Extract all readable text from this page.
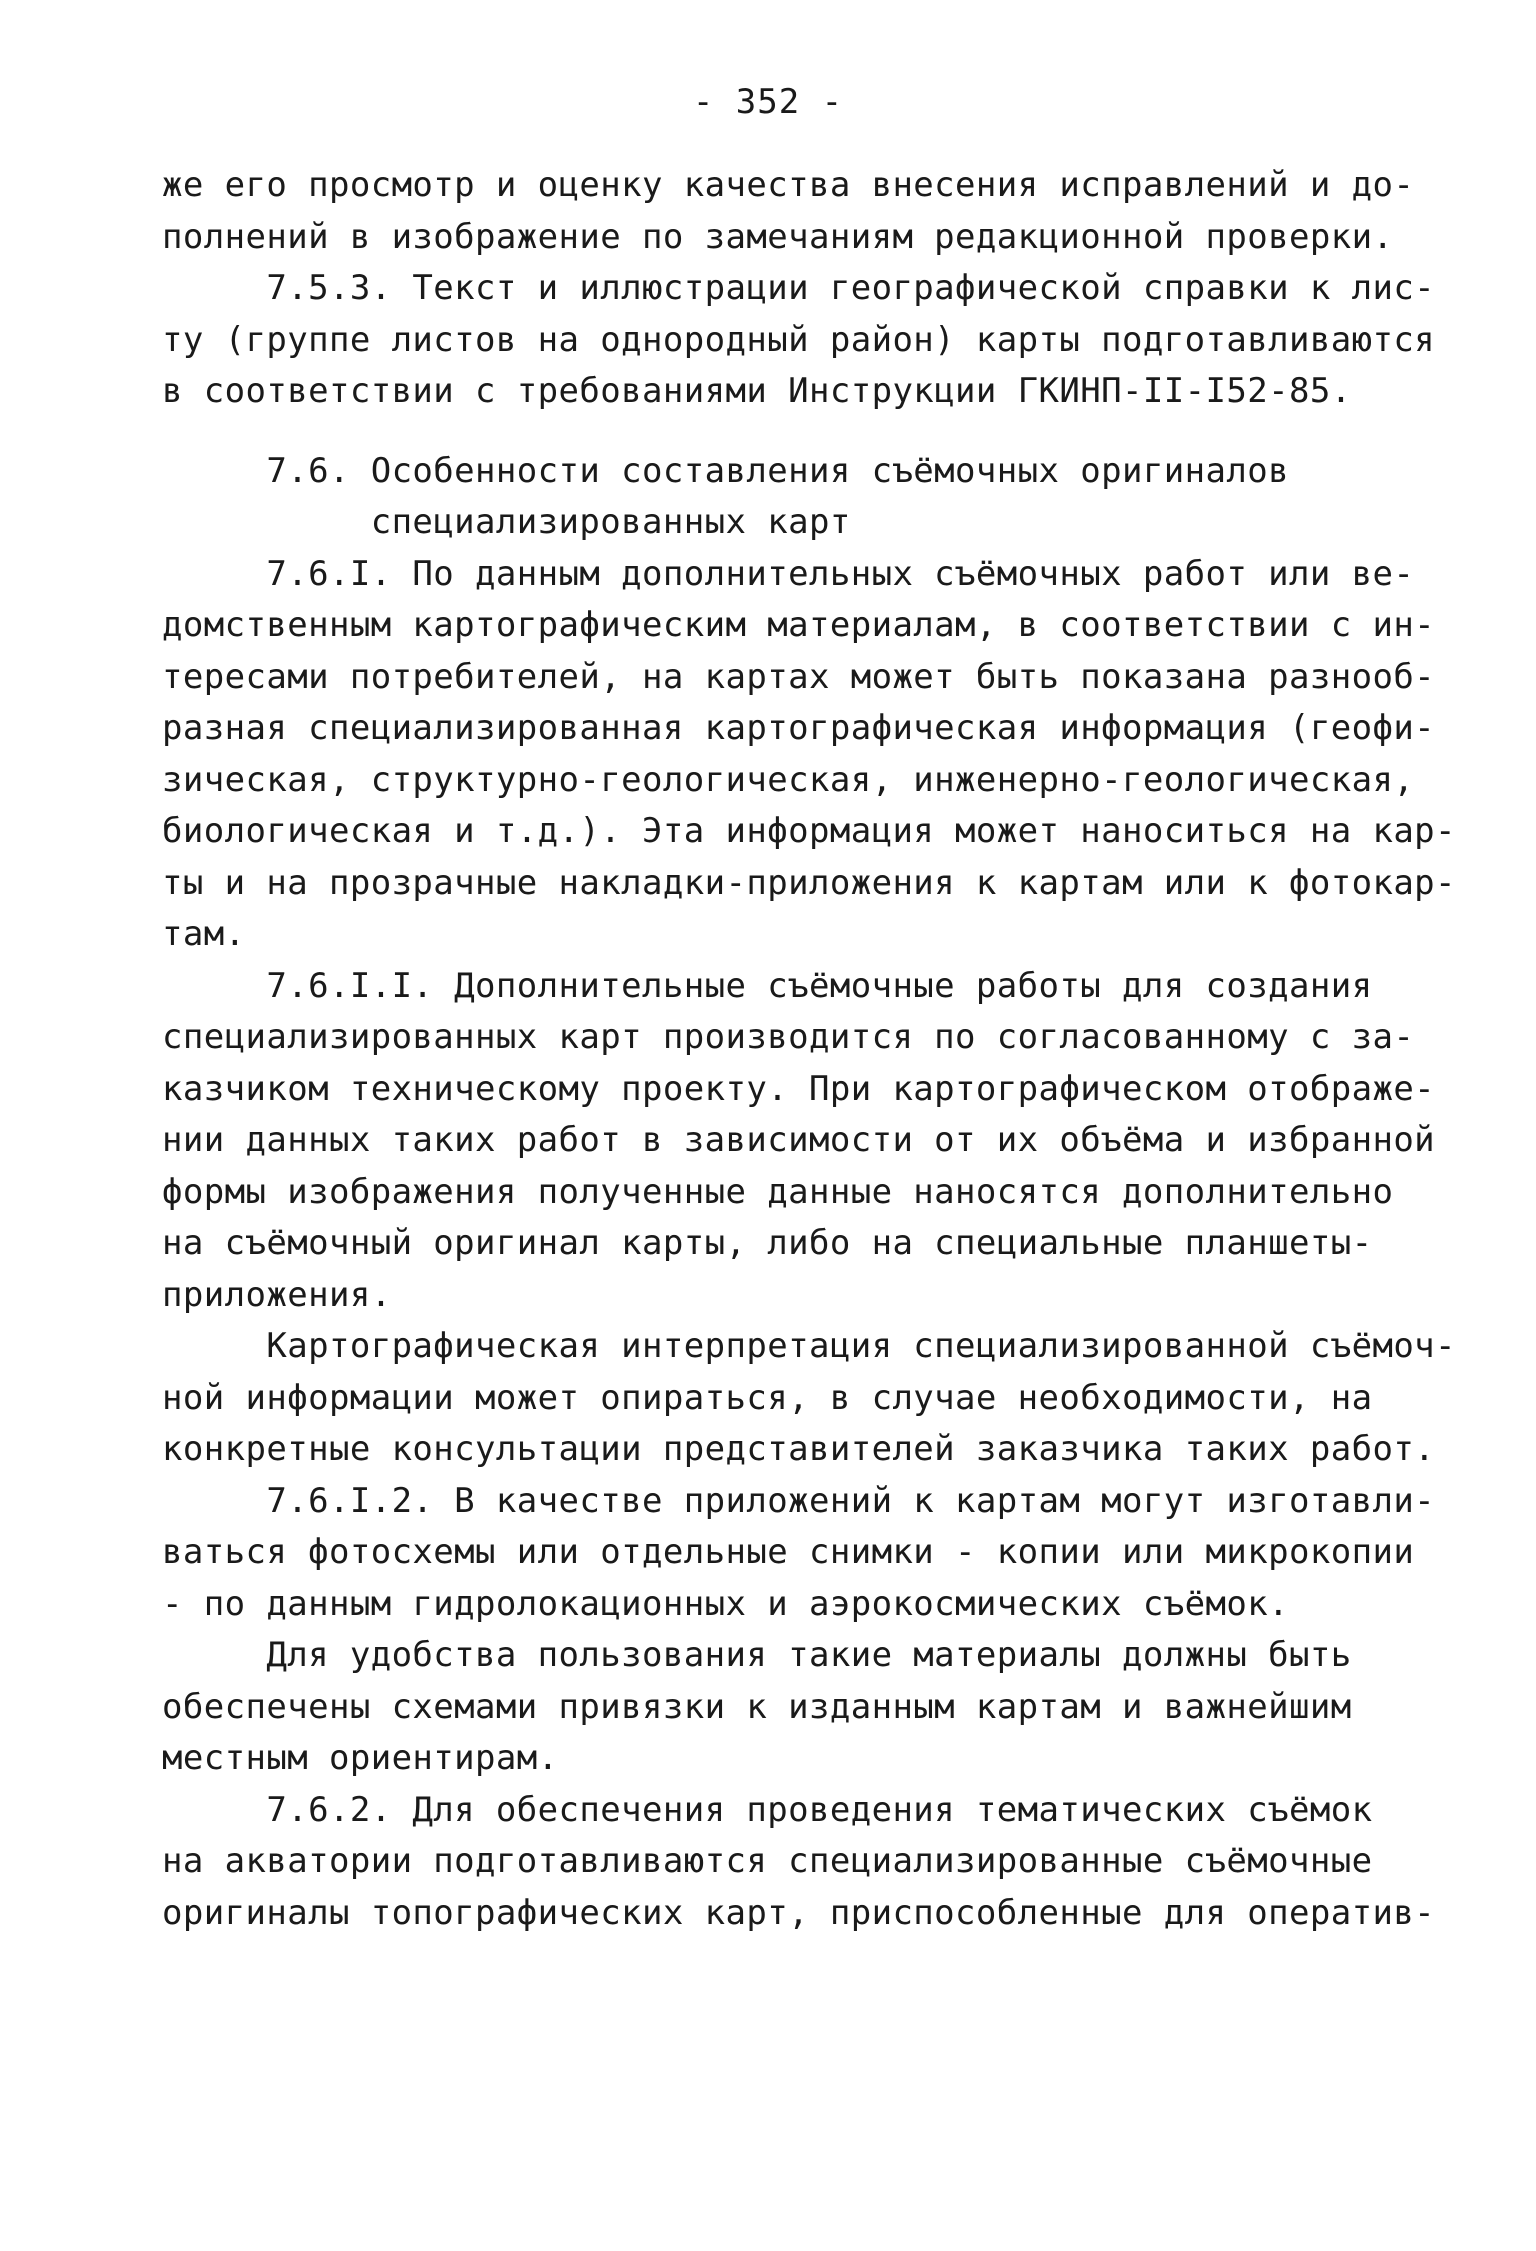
- 352 -
же его просмотр и оценку качества внесения исправлений и до-
полнений в изображение по замечаниям редакционной проверки.
7.5.3. Текст и иллюстрации географической справки к лис-
ту (группе листов на однородный район) карты подготавливаются
в соответствии с требованиями Инструкции ГКИНП-II-I52-85.
7.6. Особенности составления съёмочных оригиналов
специализированных карт
7.6.I. По данным дополнительных съёмочных работ или ве-
домственным картографическим материалам, в соответствии с ин-
тересами потребителей, на картах может быть показана разнооб-
разная специализированная картографическая информация (геофи-
зическая, структурно-геологическая, инженерно-геологическая,
биологическая и т.д.). Эта информация может наноситься на кар-
ты и на прозрачные накладки-приложения к картам или к фотокар-
там.
7.6.I.I. Дополнительные съёмочные работы для создания
специализированных карт производится по согласованному с за-
казчиком техническому проекту. При картографическом отображе-
нии данных таких работ в зависимости от их объёма и избранной
формы изображения полученные данные наносятся дополнительно
на съёмочный оригинал карты, либо на специальные планшеты-
приложения.
Картографическая интерпретация специализированной съёмоч-
ной информации может опираться, в случае необходимости, на
конкретные консультации представителей заказчика таких работ.
7.6.I.2. В качестве приложений к картам могут изготавли-
ваться фотосхемы или отдельные снимки - копии или микрокопии
- по данным гидролокационных и аэрокосмических съёмок.
Для удобства пользования такие материалы должны быть
обеспечены схемами привязки к изданным картам и важнейшим
местным ориентирам.
7.6.2. Для обеспечения проведения тематических съёмок
на акватории подготавливаются специализированные съёмочные
оригиналы топографических карт, приспособленные для оператив-
